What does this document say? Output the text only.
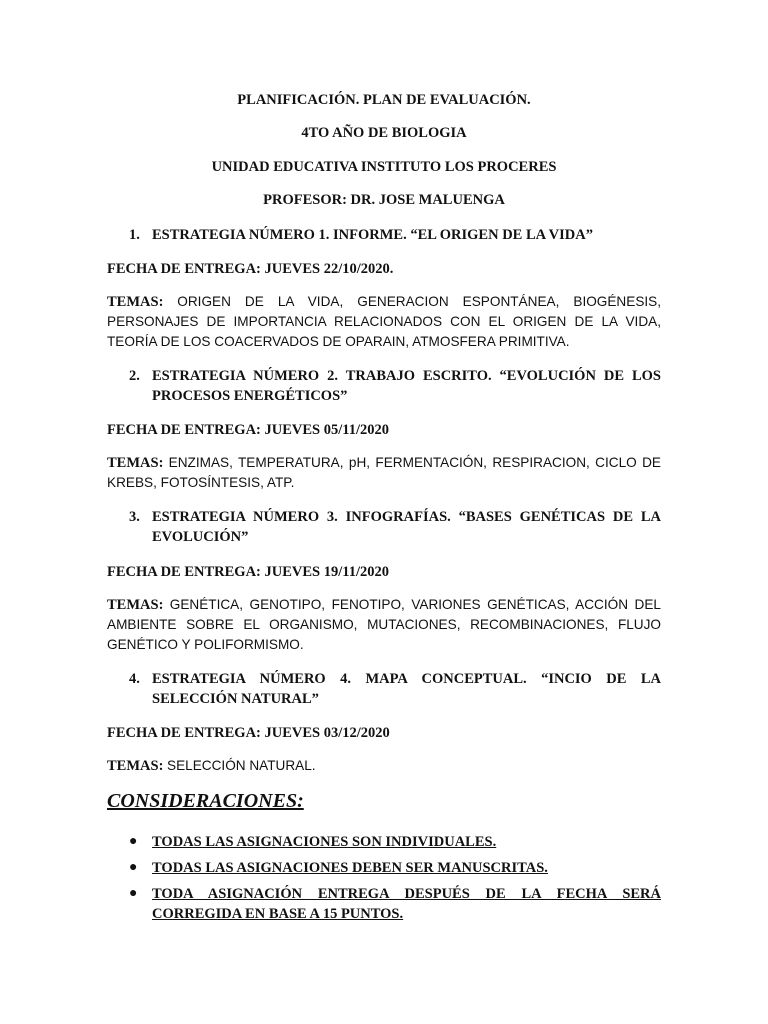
PLANIFICACIÓN. PLAN DE EVALUACIÓN.
4TO AÑO DE BIOLOGIA
UNIDAD EDUCATIVA INSTITUTO LOS PROCERES
PROFESOR: DR. JOSE MALUENGA
1. ESTRATEGIA NÚMERO 1. INFORME. “EL ORIGEN DE LA VIDA”
FECHA DE ENTREGA: JUEVES 22/10/2020.
TEMAS: ORIGEN DE LA VIDA, GENERACION ESPONTÁNEA, BIOGÉNESIS, PERSONAJES DE IMPORTANCIA RELACIONADOS CON EL ORIGEN DE LA VIDA, TEORÍA DE LOS COACERVADOS DE OPARAIN, ATMOSFERA PRIMITIVA.
2. ESTRATEGIA NÚMERO 2. TRABAJO ESCRITO. “EVOLUCIÓN DE LOS PROCESOS ENERGÉTICOS”
FECHA DE ENTREGA: JUEVES 05/11/2020
TEMAS: ENZIMAS, TEMPERATURA, pH, FERMENTACIÓN, RESPIRACION, CICLO DE KREBS, FOTOSÍNTESIS, ATP.
3. ESTRATEGIA NÚMERO 3. INFOGRAFÍAS. “BASES GENÉTICAS DE LA EVOLUCIÓN”
FECHA DE ENTREGA: JUEVES 19/11/2020
TEMAS: GENÉTICA, GENOTIPO, FENOTIPO, VARIONES GENÉTICAS, ACCIÓN DEL AMBIENTE SOBRE EL ORGANISMO, MUTACIONES, RECOMBINACIONES, FLUJO GENÉTICO Y POLIFORMISMO.
4. ESTRATEGIA NÚMERO 4. MAPA CONCEPTUAL. “INCIO DE LA SELECCIÓN NATURAL”
FECHA DE ENTREGA: JUEVES 03/12/2020
TEMAS: SELECCIÓN NATURAL.
CONSIDERACIONES:
● TODAS LAS ASIGNACIONES SON INDIVIDUALES.
● TODAS LAS ASIGNACIONES DEBEN SER MANUSCRITAS.
● TODA ASIGNACIÓN ENTREGA DESPUÉS DE LA FECHA SERÁ CORREGIDA EN BASE A 15 PUNTOS.
